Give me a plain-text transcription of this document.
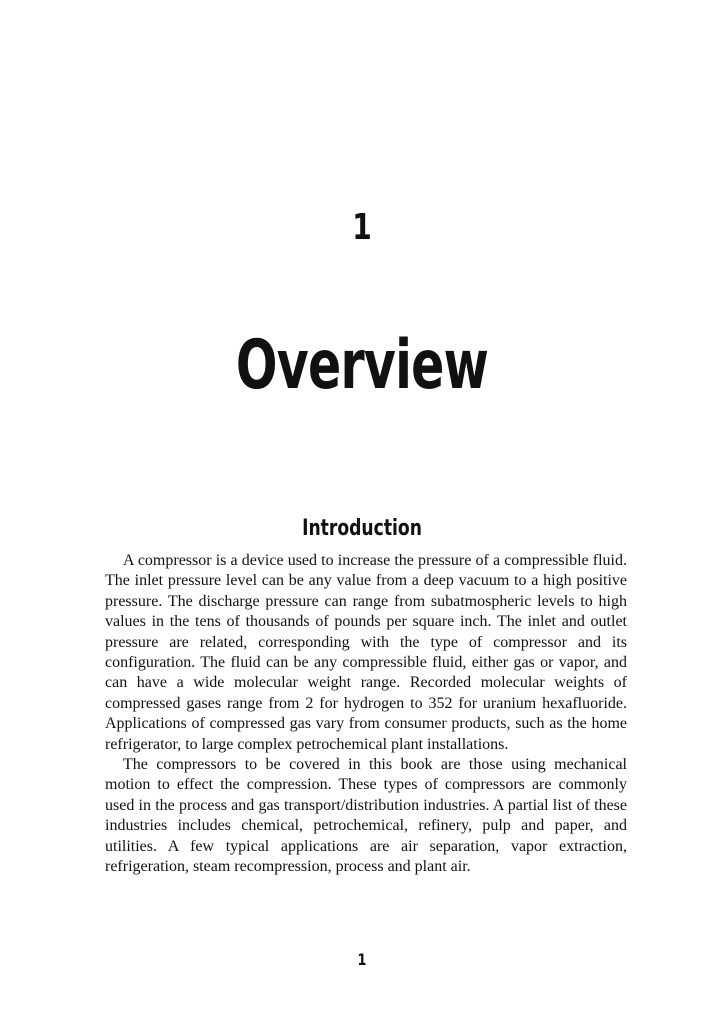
1
Overview
Introduction

A compressor is a device used to increase the pressure of a compressible fluid. The inlet pressure level can be any value from a deep vacuum to a high positive pressure. The discharge pressure can range from subatmospheric levels to high values in the tens of thousands of pounds per square inch. The inlet and outlet pressure are related, corresponding with the type of compressor and its configuration. The fluid can be any compressible fluid, either gas or vapor, and can have a wide molecular weight range. Recorded molecular weights of compressed gases range from 2 for hydrogen to 352 for uranium hexafluoride. Applications of compressed gas vary from consumer products, such as the home refrigerator, to large complex petrochemical plant installations.

The compressors to be covered in this book are those using mechanical motion to effect the compression. These types of compressors are commonly used in the process and gas transport/distribution industries. A partial list of these industries includes chemical, petrochemical, refinery, pulp and paper, and utilities. A few typical applications are air separation, vapor extraction, refrigeration, steam recompression, process and plant air.

1
